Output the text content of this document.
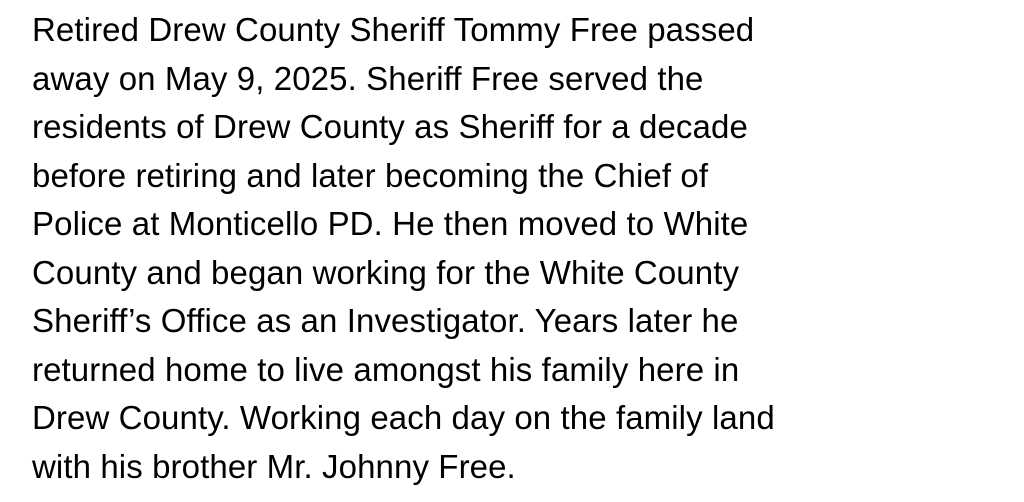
Retired Drew County Sheriff Tommy Free passed
away on May 9, 2025. Sheriff Free served the
residents of Drew County as Sheriff for a decade
before retiring and later becoming the Chief of
Police at Monticello PD. He then moved to White
County and began working for the White County
Sheriff’s Office as an Investigator. Years later he
returned home to live amongst his family here in
Drew County. Working each day on the family land
with his brother Mr. Johnny Free.
